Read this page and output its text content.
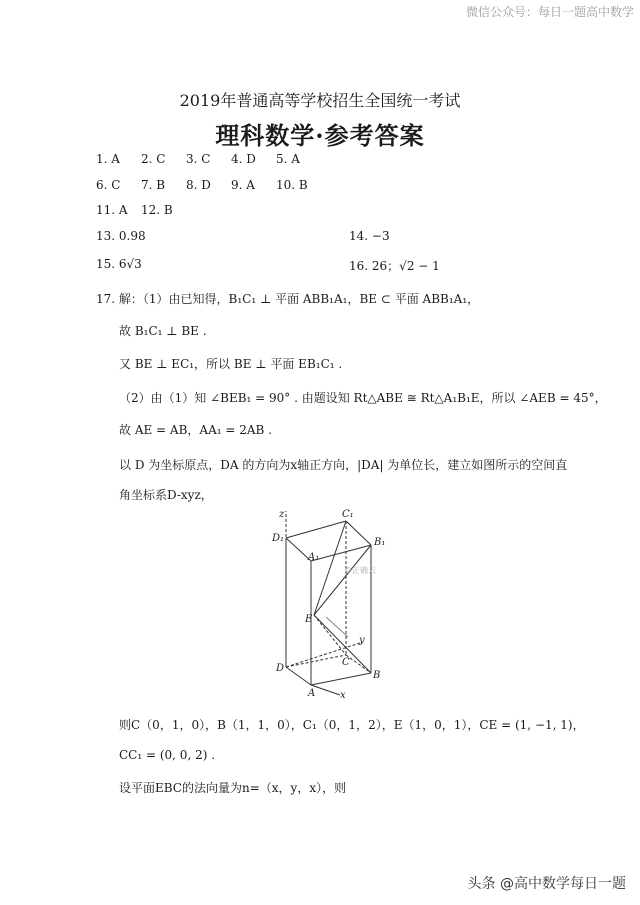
微信公众号：每日一题高中数学
2019年普通高等学校招生全国统一考试
理科数学·参考答案
1. A 2. C 3. C 4. D 5. A
6. C 7. B 8. D 9. A 10. B
11. A 12. B
13. 0.98	14. −3
15. 6√3	16. 26；√2 − 1
17. 解：（1）由已知得，B₁C₁ ⊥ 平面 ABB₁A₁，BE ⊂ 平面 ABB₁A₁，
故 B₁C₁ ⊥ BE .
又 BE ⊥ EC₁，所以 BE ⊥ 平面 EB₁C₁ .
（2）由（1）知 ∠BEB₁ = 90° . 由题设知 Rt△ABE ≅ Rt△A₁B₁E，所以 ∠AEB = 45°，
故 AE = AB，AA₁ = 2AB .
以 D 为坐标原点，DA 的方向为x轴正方向，|DA| 为单位长，建立如图所示的空间直
角坐标系D-xyz，
z	C₁
D₁	B₁
A₁
E
y
C
D
B
A x
©正确云
则C（0，1，0），B（1，1，0），C₁（0，1，2），E（1，0，1），CE = (1, −1, 1)，
CC₁ = (0, 0, 2) .
设平面EBC的法向量为n=（x，y，x），则
头条 @高中数学每日一题
